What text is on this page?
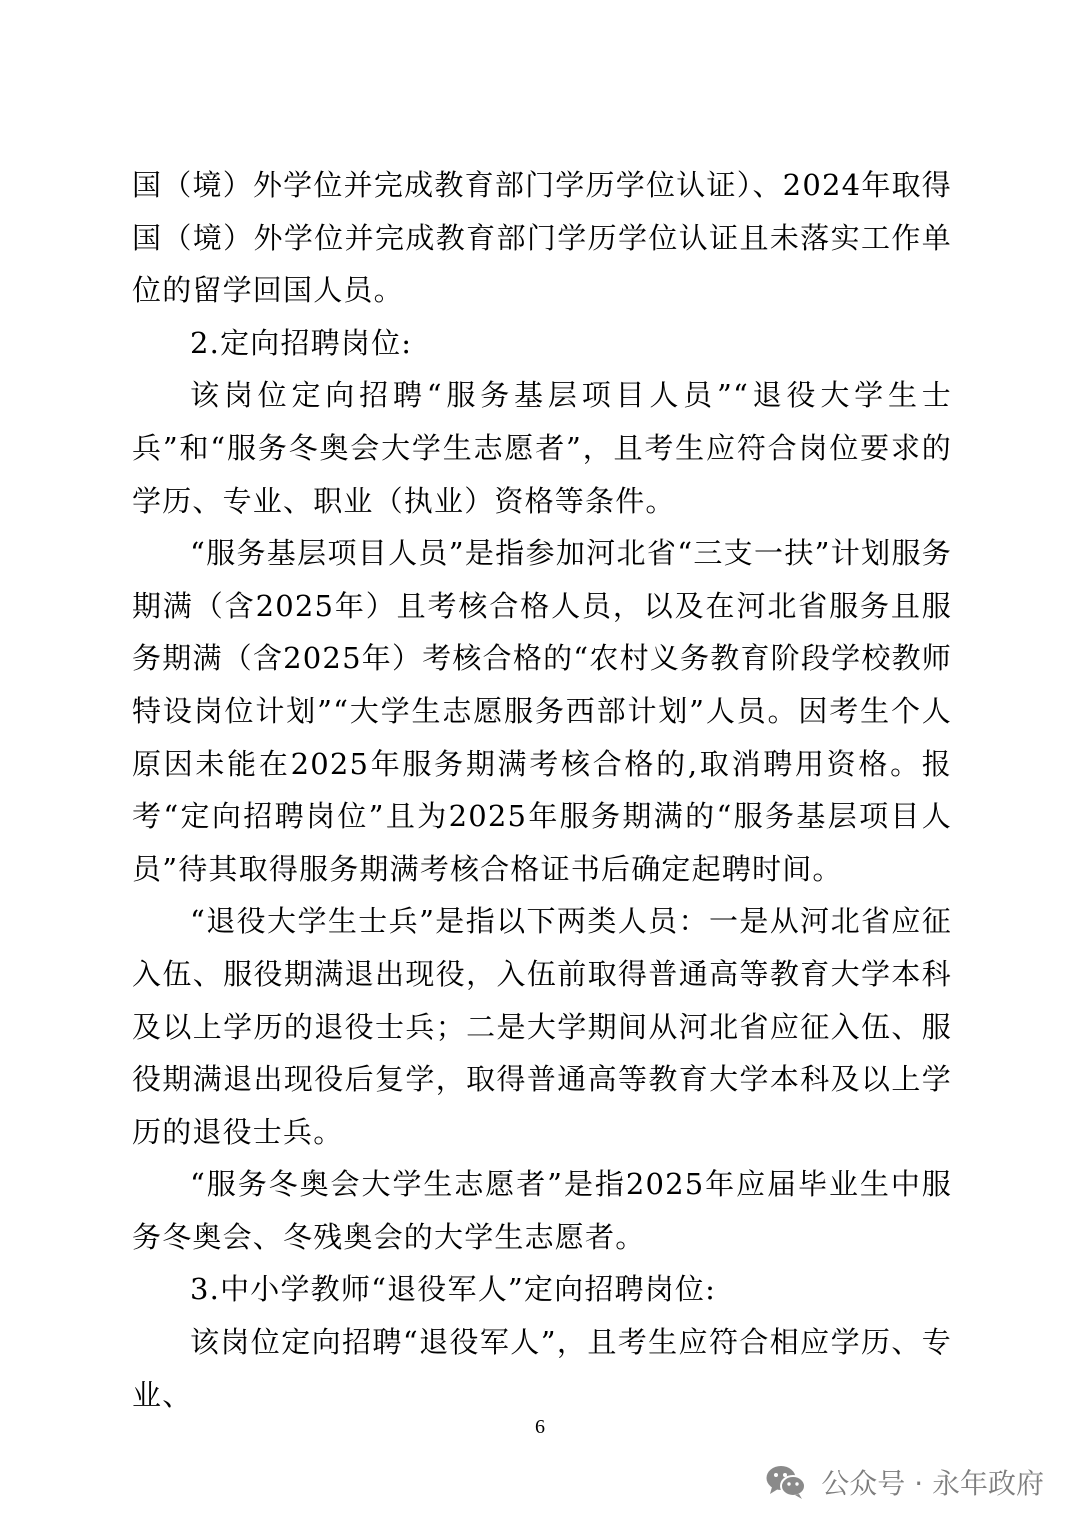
国（境）外学位并完成教育部门学历学位认证）、2024年取得国（境）外学位并完成教育部门学历学位认证且未落实工作单位的留学回国人员。

2.定向招聘岗位:

该岗位定向招聘“服务基层项目人员”“退役大学生士兵”和“服务冬奥会大学生志愿者”，且考生应符合岗位要求的学历、专业、职业（执业）资格等条件。

“服务基层项目人员”是指参加河北省“三支一扶”计划服务期满（含2025年）且考核合格人员，以及在河北省服务且服务期满（含2025年）考核合格的“农村义务教育阶段学校教师特设岗位计划”“大学生志愿服务西部计划”人员。因考生个人原因未能在2025年服务期满考核合格的,取消聘用资格。报考“定向招聘岗位”且为2025年服务期满的“服务基层项目人员”待其取得服务期满考核合格证书后确定起聘时间。

“退役大学生士兵”是指以下两类人员：一是从河北省应征入伍、服役期满退出现役，入伍前取得普通高等教育大学本科及以上学历的退役士兵；二是大学期间从河北省应征入伍、服役期满退出现役后复学，取得普通高等教育大学本科及以上学历的退役士兵。

“服务冬奥会大学生志愿者”是指2025年应届毕业生中服务冬奥会、冬残奥会的大学生志愿者。

3.中小学教师“退役军人”定向招聘岗位:

该岗位定向招聘“退役军人”，且考生应符合相应学历、专业、

6
公众号 · 永年政府
